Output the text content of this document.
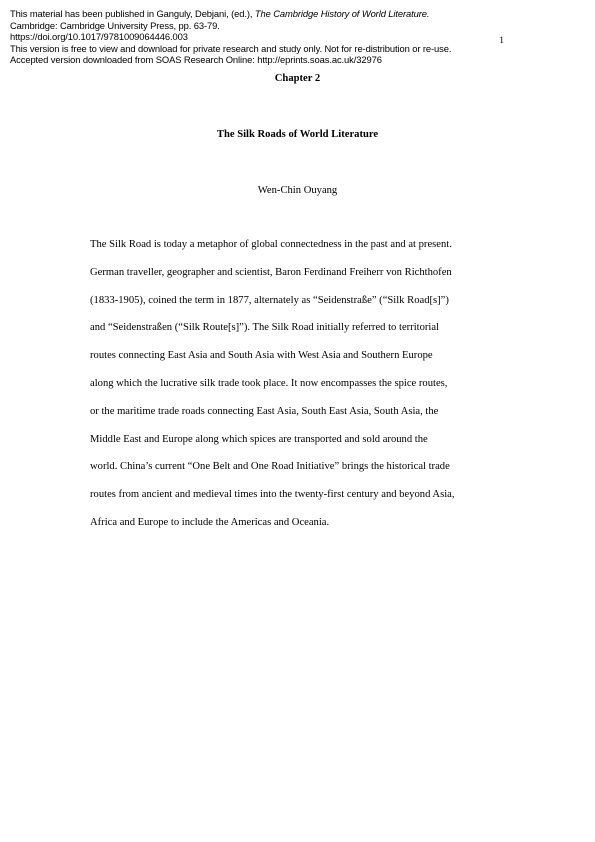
This material has been published in Ganguly, Debjani, (ed.), The Cambridge History of World Literature.
Cambridge: Cambridge University Press, pp. 63-79.
https://doi.org/10.1017/9781009064446.003
This version is free to view and download for private research and study only. Not for re-distribution or re-use.
Accepted version downloaded from SOAS Research Online: http://eprints.soas.ac.uk/32976
1
Chapter 2
The Silk Roads of World Literature
Wen-Chin Ouyang
The Silk Road is today a metaphor of global connectedness in the past and at present.
German traveller, geographer and scientist, Baron Ferdinand Freiherr von Richthofen
(1833-1905), coined the term in 1877, alternately as “Seidenstraße” (“Silk Road[s]”)
and “Seidenstraßen (“Silk Route[s]”). The Silk Road initially referred to territorial
routes connecting East Asia and South Asia with West Asia and Southern Europe
along which the lucrative silk trade took place. It now encompasses the spice routes,
or the maritime trade roads connecting East Asia, South East Asia, South Asia, the
Middle East and Europe along which spices are transported and sold around the
world. China’s current “One Belt and One Road Initiative” brings the historical trade
routes from ancient and medieval times into the twenty-first century and beyond Asia,
Africa and Europe to include the Americas and Oceania.
